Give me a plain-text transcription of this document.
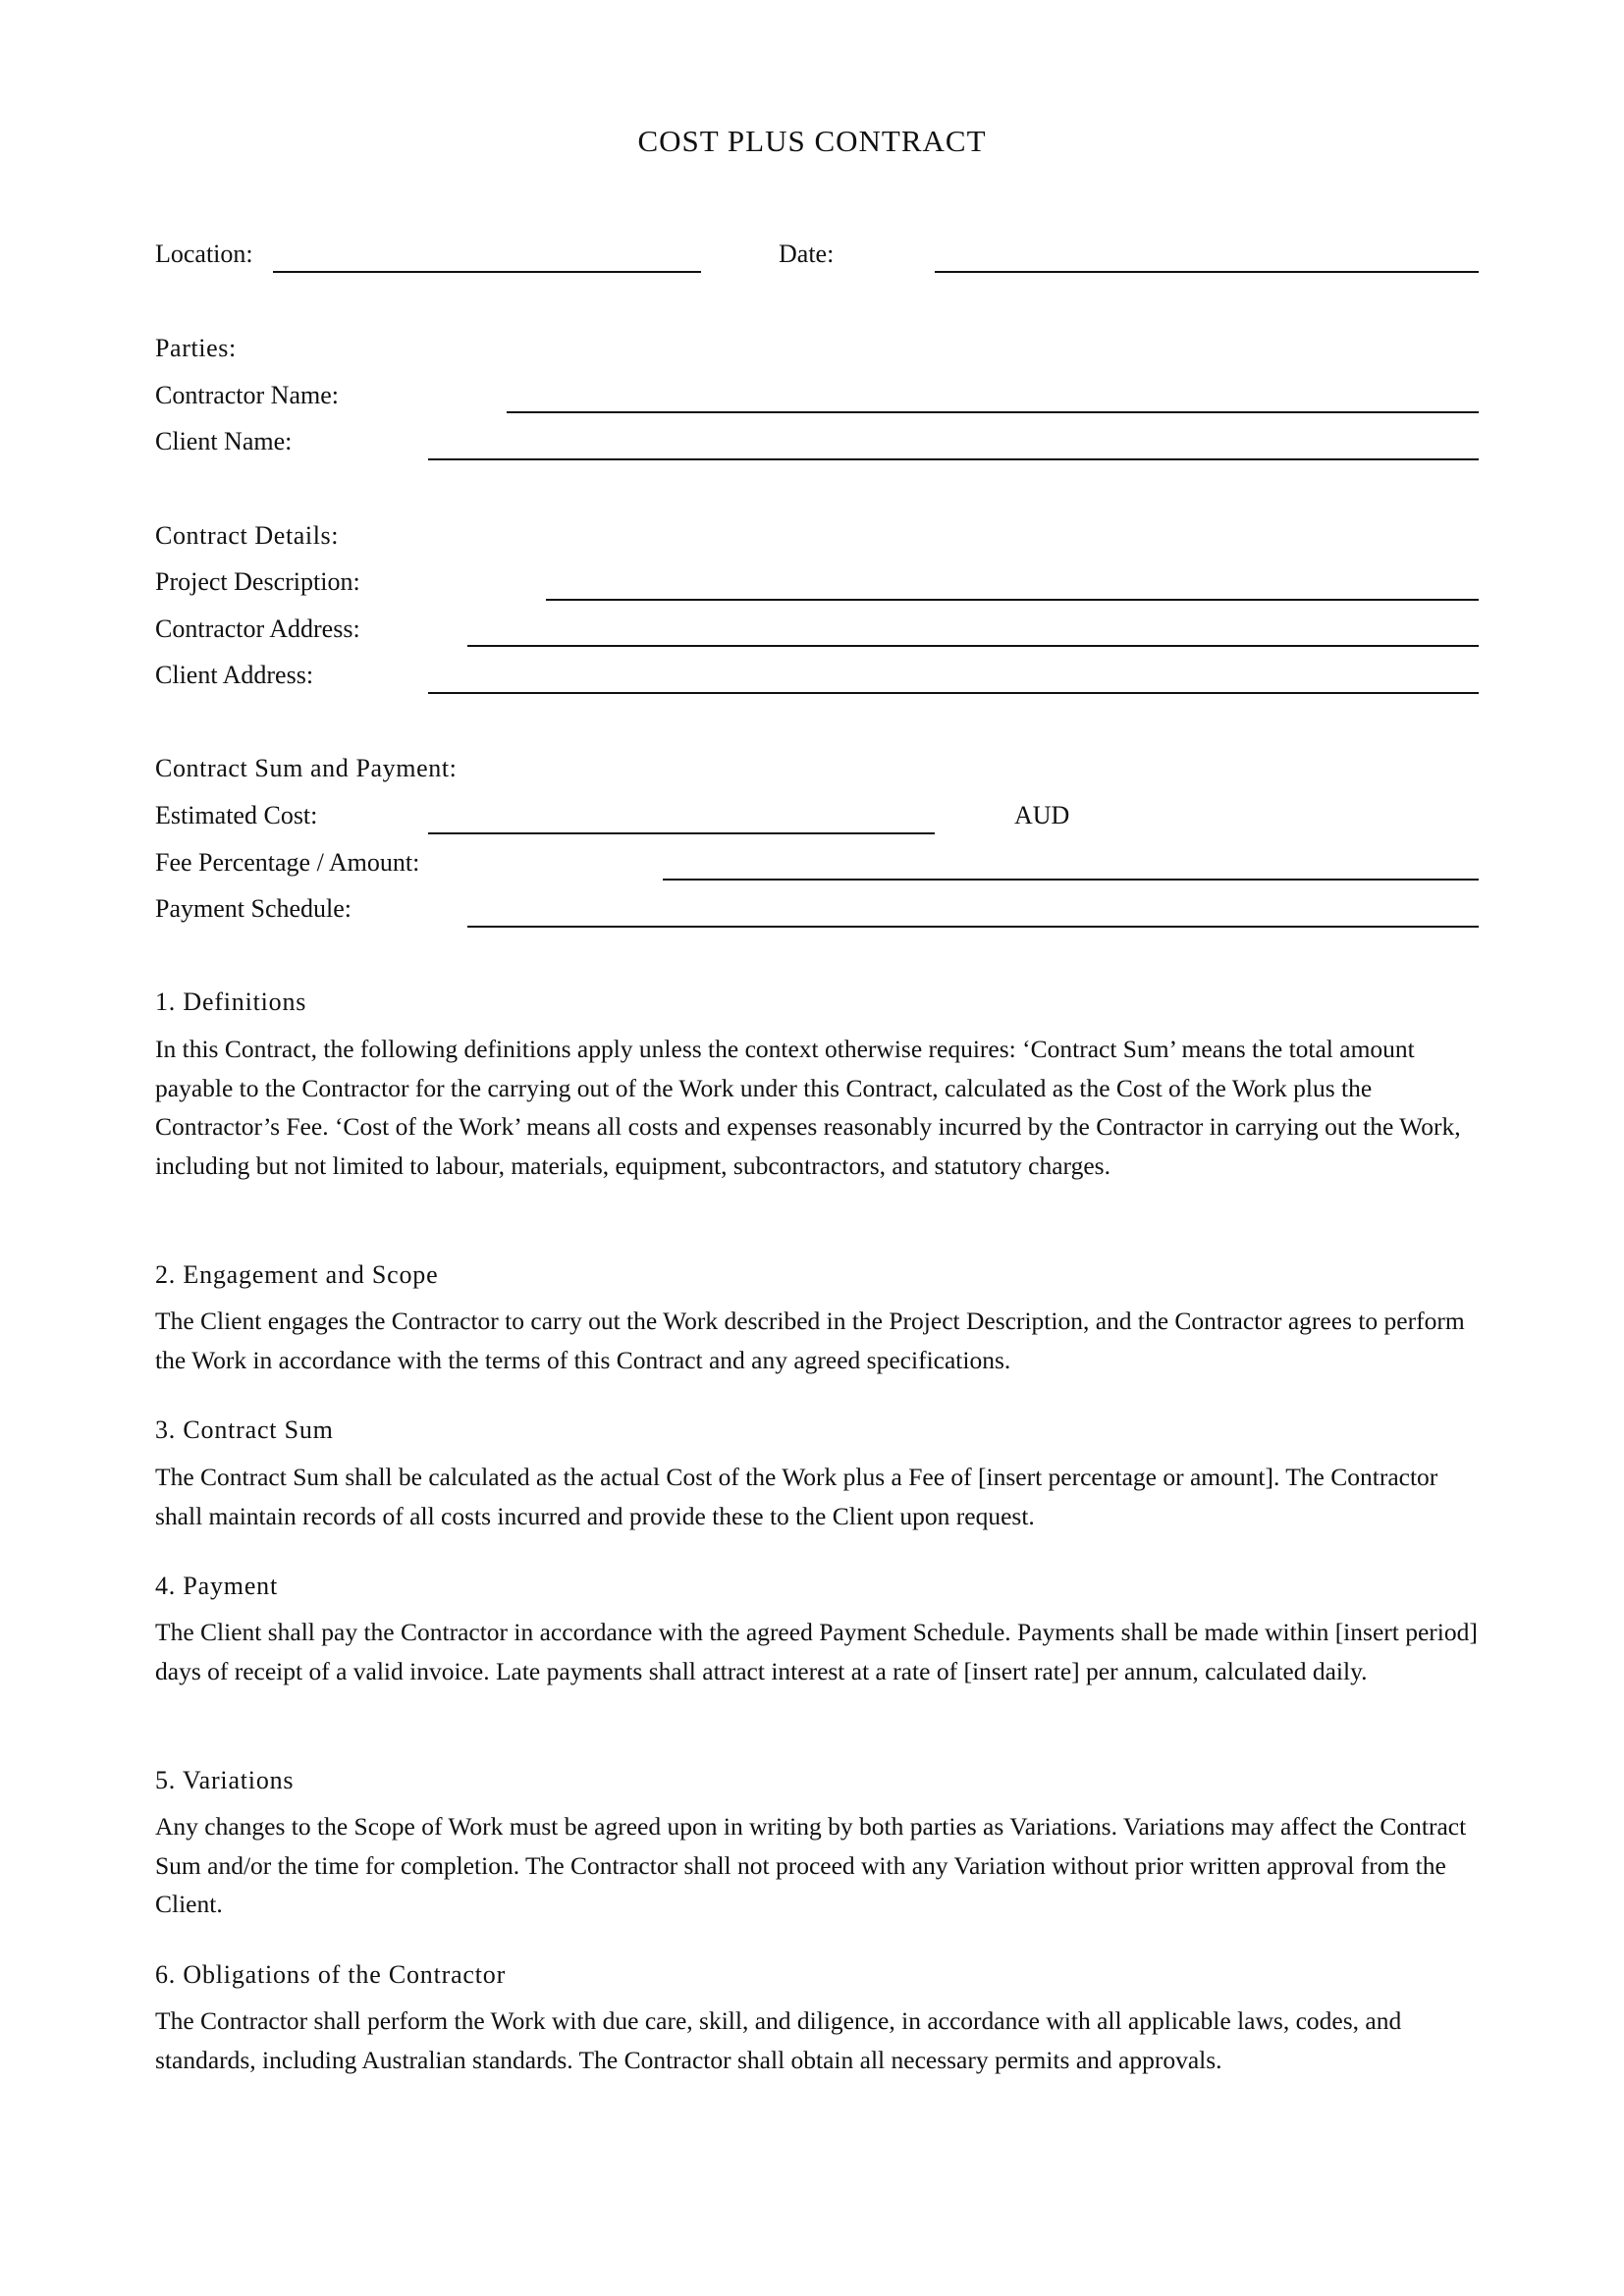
COST PLUS CONTRACT
Location:	Date:
Parties:
Contractor Name:
Client Name:
Contract Details:
Project Description:
Contractor Address:
Client Address:
Contract Sum and Payment:
Estimated Cost:	AUD
Fee Percentage / Amount:
Payment Schedule:
1. Definitions

In this Contract, the following definitions apply unless the context otherwise requires: ‘Contract Sum’ means the total amount payable to the Contractor for the carrying out of the Work under this Contract, calculated as the Cost of the Work plus the Contractor’s Fee. ‘Cost of the Work’ means all costs and expenses reasonably incurred by the Contractor in carrying out the Work, including but not limited to labour, materials, equipment, subcontractors, and statutory charges.

2. Engagement and Scope

The Client engages the Contractor to carry out the Work described in the Project Description, and the Contractor agrees to perform the Work in accordance with the terms of this Contract and any agreed specifications.

3. Contract Sum

The Contract Sum shall be calculated as the actual Cost of the Work plus a Fee of [insert percentage or amount]. The Contractor shall maintain records of all costs incurred and provide these to the Client upon request.

4. Payment

The Client shall pay the Contractor in accordance with the agreed Payment Schedule. Payments shall be made within [insert period] days of receipt of a valid invoice. Late payments shall attract interest at a rate of [insert rate] per annum, calculated daily.

5. Variations

Any changes to the Scope of Work must be agreed upon in writing by both parties as Variations. Variations may affect the Contract Sum and/or the time for completion. The Contractor shall not proceed with any Variation without prior written approval from the Client.

6. Obligations of the Contractor

The Contractor shall perform the Work with due care, skill, and diligence, in accordance with all applicable laws, codes, and standards, including Australian standards. The Contractor shall obtain all necessary permits and approvals.
